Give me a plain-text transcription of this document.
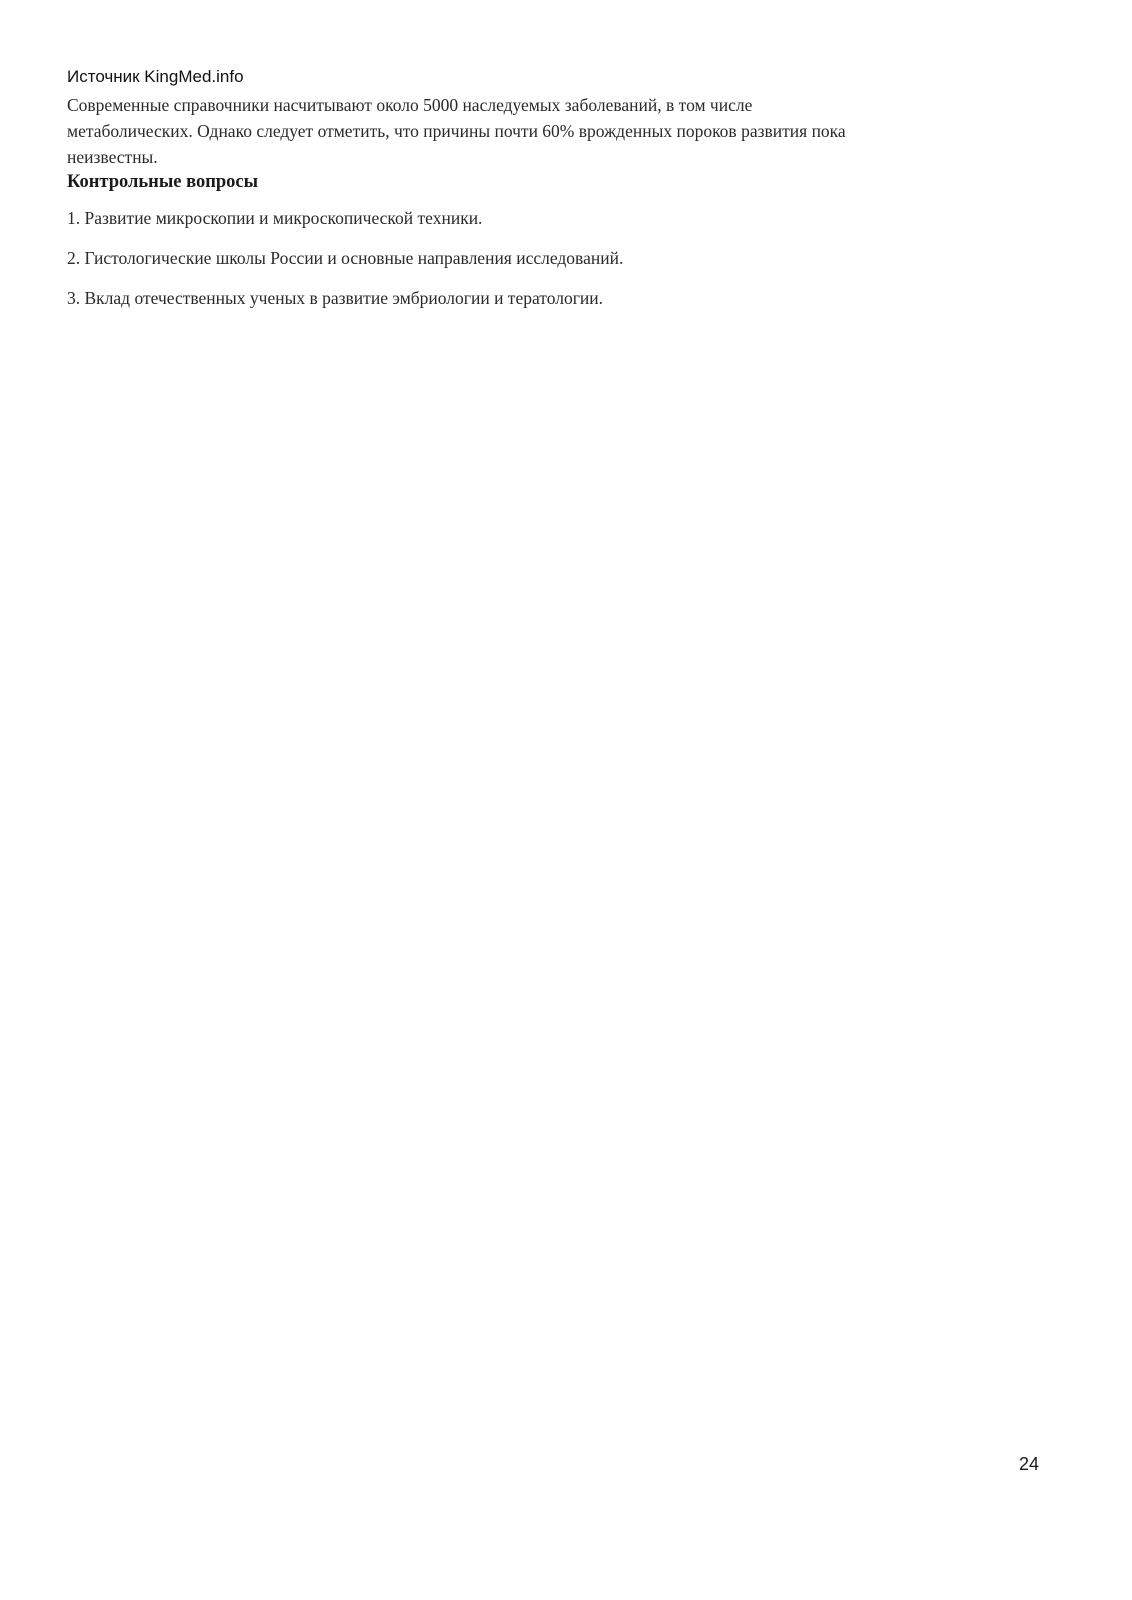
Источник KingMed.info
Современные справочники насчитывают около 5000 наследуемых заболеваний, в том числе
метаболических. Однако следует отметить, что причины почти 60% врожденных пороков развития пока
неизвестны.
Контрольные вопросы
1. Развитие микроскопии и микроскопической техники.
2. Гистологические школы России и основные направления исследований.
3. Вклад отечественных ученых в развитие эмбриологии и тератологии.
24
